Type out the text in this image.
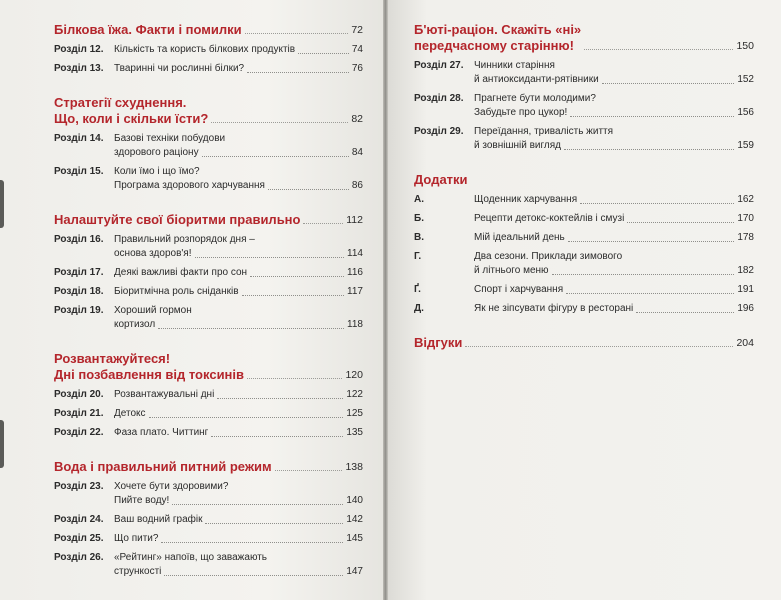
Білкова їжа. Факти і помилки	72
Розділ 12.	Кількість та користь білкових продуктів	74
Розділ 13.	Тваринні чи рослинні білки?	76
Стратегії схуднення.
Що, коли і скільки їсти?	82
Розділ 14.	Базові техніки побудови
здорового раціону	84
Розділ 15.	Коли їмо і що їмо?
Програма здорового харчування	86
Налаштуйте свої біоритми правильно	112
Розділ 16.	Правильний розпорядок дня –
основа здоров'я!	114
Розділ 17.	Деякі важливі факти про сон	116
Розділ 18.	Біоритмічна роль сніданків	117
Розділ 19.	Хороший гормон
кортизол	118
Розвантажуйтеся!
Дні позбавлення від токсинів	120
Розділ 20.	Розвантажувальні дні	122
Розділ 21.	Детокс	125
Розділ 22.	Фаза плато. Читтинг	135
Вода і правильний питний режим	138
Розділ 23.	Хочете бути здоровими?
Пийте воду!	140
Розділ 24.	Ваш водний графік	142
Розділ 25.	Що пити?	145
Розділ 26.	«Рейтинг» напоїв, що заважають
стрункості	147
Б'юті-раціон. Скажіть «ні»
передчасному старінню!	150
Розділ 27.	Чинники старіння
й антиоксиданти-рятівники	152
Розділ 28.	Прагнете бути молодими?
Забудьте про цукор!	156
Розділ 29.	Переїдання, тривалість життя
й зовнішній вигляд	159
Додатки
А.	Щоденник харчування	162
Б.	Рецепти детокс-коктейлів і смузі	170
В.	Мій ідеальний день	178
Г.	Два сезони. Приклади зимового
й літнього меню	182
Ґ.	Спорт і харчування	191
Д.	Як не зіпсувати фігуру в ресторані	196
Відгуки	204
